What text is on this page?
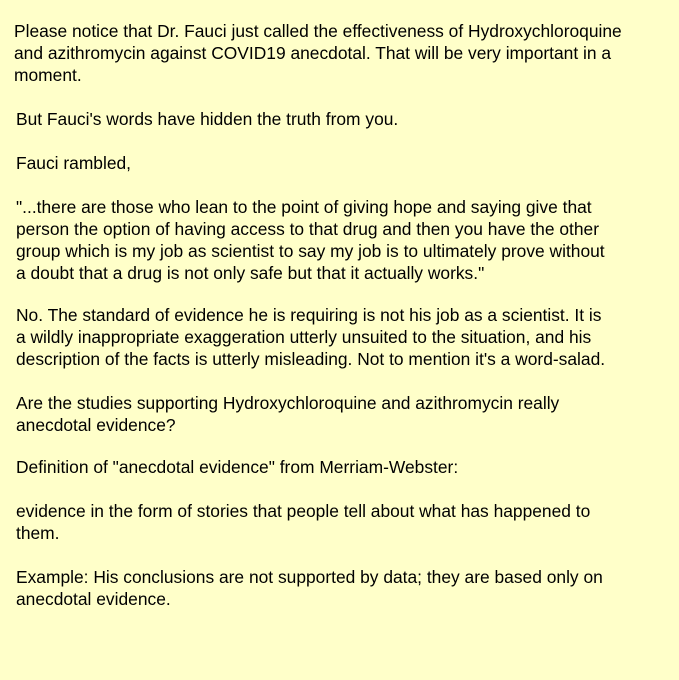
Please notice that Dr. Fauci just called the effectiveness of Hydroxychloroquine
and azithromycin against COVID19 anecdotal. That will be very important in a
moment.

But Fauci's words have hidden the truth from you.

Fauci rambled,

"...there are those who lean to the point of giving hope and saying give that
person the option of having access to that drug and then you have the other
group which is my job as scientist to say my job is to ultimately prove without
a doubt that a drug is not only safe but that it actually works."

No. The standard of evidence he is requiring is not his job as a scientist. It is
a wildly inappropriate exaggeration utterly unsuited to the situation, and his
description of the facts is utterly misleading. Not to mention it's a word-salad.

Are the studies supporting Hydroxychloroquine and azithromycin really
anecdotal evidence?

Definition of "anecdotal evidence" from Merriam-Webster:

evidence in the form of stories that people tell about what has happened to
them.

Example: His conclusions are not supported by data; they are based only on
anecdotal evidence.
